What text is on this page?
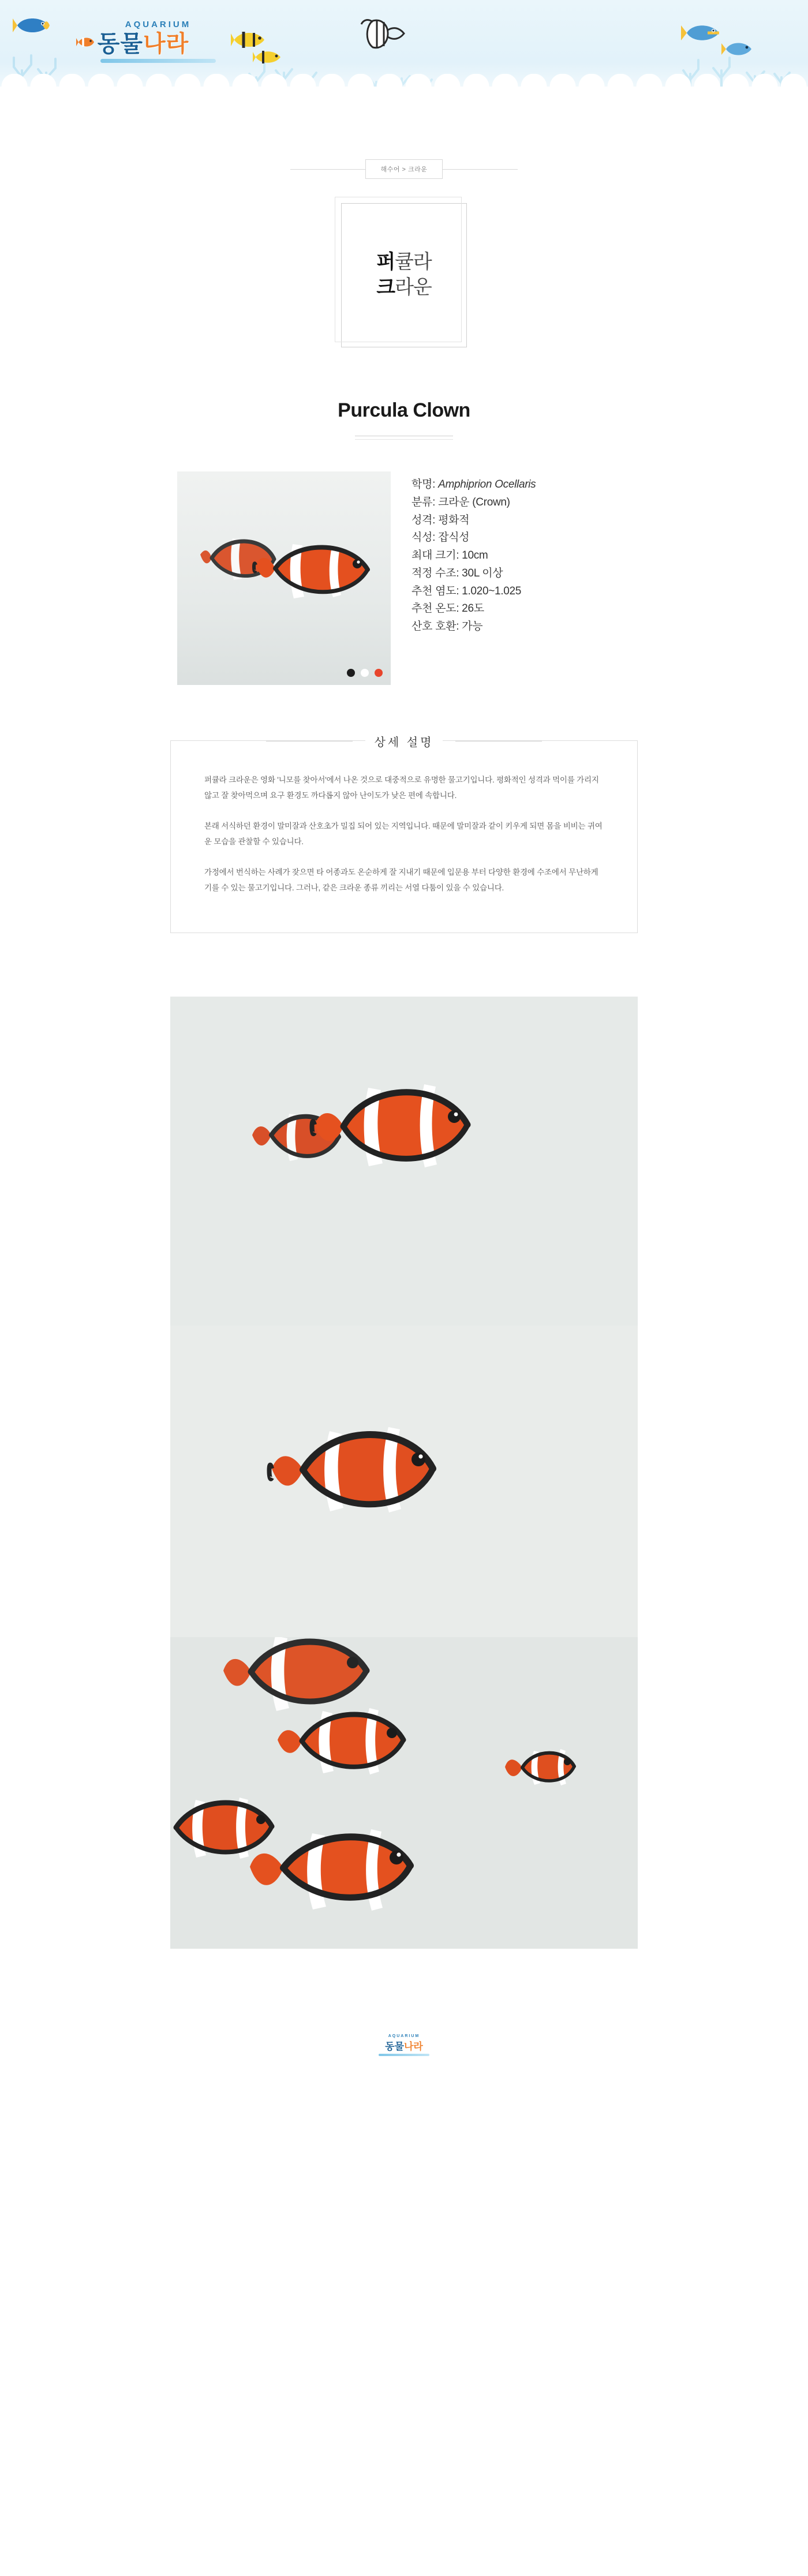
AQUARIUM
동물나라
해수어 > 크라운
퍼큘라
크라운
Purcula Clown
학명: Amphiprion Ocellaris
분류: 크라운 (Crown)
성격: 평화적
식성: 잡식성
최대 크기: 10cm
적정 수조: 30L 이상
추천 염도: 1.020~1.025
추천 온도: 26도
산호 호환: 가능
상세 설명

퍼큘라 크라운은 영화 '니모를 찾아서'에서 나온 것으로 대중적으로 유명한 물고기입니다. 평화적인 성격과 먹이를 가리지 않고 잘 찾아먹으며 요구 환경도 까다롭지 않아 난이도가 낮은 편에 속합니다.

본래 서식하던 환경이 말미잘과 산호초가 밀집 되어 있는 지역입니다. 때문에 말미잘과 같이 키우게 되면 몸을 비비는 귀여운 모습을 관찰할 수 있습니다.

가정에서 번식하는 사례가 잦으면 타 어종과도 온순하게 잘 지내기 때문에 입문용 부터 다양한 환경에 수조에서 무난하게 기를 수 있는 물고기입니다. 그러나, 같은 크라운 종류 끼리는 서열 다툼이 있을 수 있습니다.

AQUARIUM
동물나라
